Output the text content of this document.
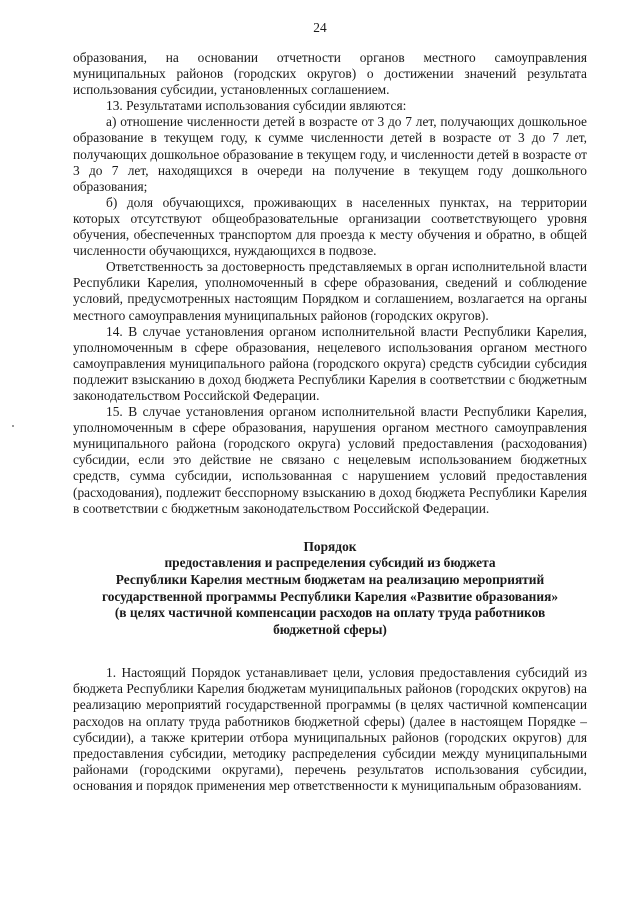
24

образования, на основании отчетности органов местного самоуправления муниципальных районов (городских округов) о достижении значений результата использования субсидии, установленных соглашением.

13. Результатами использования субсидии являются:

а) отношение численности детей в возрасте от 3 до 7 лет, получающих дошкольное образование в текущем году, к сумме численности детей в возрасте от 3 до 7 лет, получающих дошкольное образование в текущем году, и численности детей в возрасте от 3 до 7 лет, находящихся в очереди на получение в текущем году дошкольного образования;

б) доля обучающихся, проживающих в населенных пунктах, на территории которых отсутствуют общеобразовательные организации соответствующего уровня обучения, обеспеченных транспортом для проезда к месту обучения и обратно, в общей численности обучающихся, нуждающихся в подвозе.

Ответственность за достоверность представляемых в орган исполнительной власти Республики Карелия, уполномоченный в сфере образования, сведений и соблюдение условий, предусмотренных настоящим Порядком и соглашением, возлагается на органы местного самоуправления муниципальных районов (городских округов).

14. В случае установления органом исполнительной власти Республики Карелия, уполномоченным в сфере образования, нецелевого использования органом местного самоуправления муниципального района (городского округа) средств субсидии субсидия подлежит взысканию в доход бюджета Республики Карелия в соответствии с бюджетным законодательством Российской Федерации.

15. В случае установления органом исполнительной власти Республики Карелия, уполномоченным в сфере образования, нарушения органом местного самоуправления муниципального района (городского округа) условий предоставления (расходования) субсидии, если это действие не связано с нецелевым использованием бюджетных средств, сумма субсидии, использованная с нарушением условий предоставления (расходования), подлежит бесспорному взысканию в доход бюджета Республики Карелия в соответствии с бюджетным законодательством Российской Федерации.

Порядок
предоставления и распределения субсидий из бюджета
Республики Карелия местным бюджетам на реализацию мероприятий
государственной программы Республики Карелия «Развитие образования»
(в целях частичной компенсации расходов на оплату труда работников
бюджетной сферы)

1. Настоящий Порядок устанавливает цели, условия предоставления субсидий из бюджета Республики Карелия бюджетам муниципальных районов (городских округов) на реализацию мероприятий государственной программы (в целях частичной компенсации расходов на оплату труда работников бюджетной сферы) (далее в настоящем Порядке – субсидии), а также критерии отбора муниципальных районов (городских округов) для предоставления субсидии, методику распределения субсидии между муниципальными районами (городскими округами), перечень результатов использования субсидии, основания и порядок применения мер ответственности к муниципальным образованиям.
